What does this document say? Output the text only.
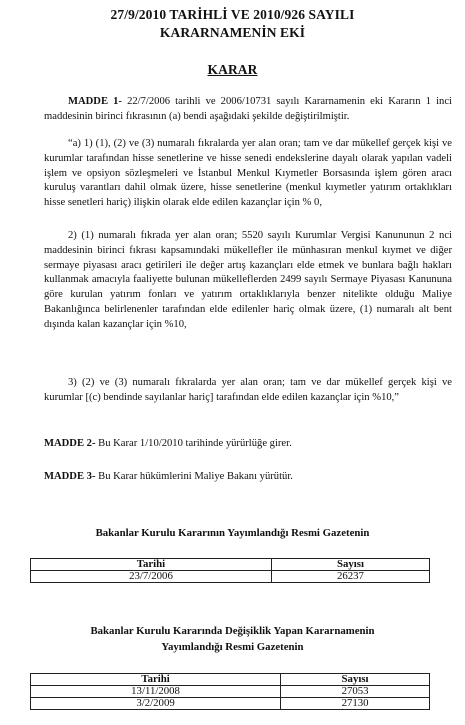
27/9/2010 TARİHLİ VE 2010/926 SAYILI
KARARNAMENİN EKİ
KARAR
MADDE 1- 22/7/2006 tarihli ve 2006/10731 sayılı Kararnamenin eki Kararın 1 inci maddesinin birinci fıkrasının (a) bendi aşağıdaki şekilde değiştirilmiştir.
“a) 1) (1), (2) ve (3) numaralı fıkralarda yer alan oran; tam ve dar mükellef gerçek kişi ve kurumlar tarafından hisse senetlerine ve hisse senedi endekslerine dayalı olarak yapılan vadeli işlem ve opsiyon sözleşmeleri ve İstanbul Menkul Kıymetler Borsasında işlem gören aracı kuruluş varantları dahil olmak üzere, hisse senetlerine (menkul kıymetler yatırım ortaklıkları hisse senetleri hariç) ilişkin olarak elde edilen kazançlar için % 0,
2) (1) numaralı fıkrada yer alan oran; 5520 sayılı Kurumlar Vergisi Kanununun 2 nci maddesinin birinci fıkrası kapsamındaki mükellefler ile münhasıran menkul kıymet ve diğer sermaye piyasası aracı getirileri ile değer artış kazançları elde etmek ve bunlara bağlı hakları kullanmak amacıyla faaliyette bulunan mükelleflerden 2499 sayılı Sermaye Piyasası Kanununa göre kurulan yatırım fonları ve yatırım ortaklıklarıyla benzer nitelikte olduğu Maliye Bakanlığınca belirlenenler tarafından elde edilenler hariç olmak üzere, (1) numaralı alt bent dışında kalan kazançlar için %10,
3) (2) ve (3) numaralı fıkralarda yer alan oran; tam ve dar mükellef gerçek kişi ve kurumlar [(c) bendinde sayılanlar hariç] tarafından elde edilen kazançlar için %10,”
MADDE 2- Bu Karar 1/10/2010 tarihinde yürürlüğe girer.
MADDE 3- Bu Karar hükümlerini Maliye Bakanı yürütür.
Bakanlar Kurulu Kararının Yayımlandığı Resmi Gazetenin
Tarihi	Sayısı
23/7/2006	26237
Bakanlar Kurulu Kararında Değişiklik Yapan Kararnamenin
Yayımlandığı Resmi Gazetenin
Tarihi	Sayısı
13/11/2008	27053
3/2/2009	27130
